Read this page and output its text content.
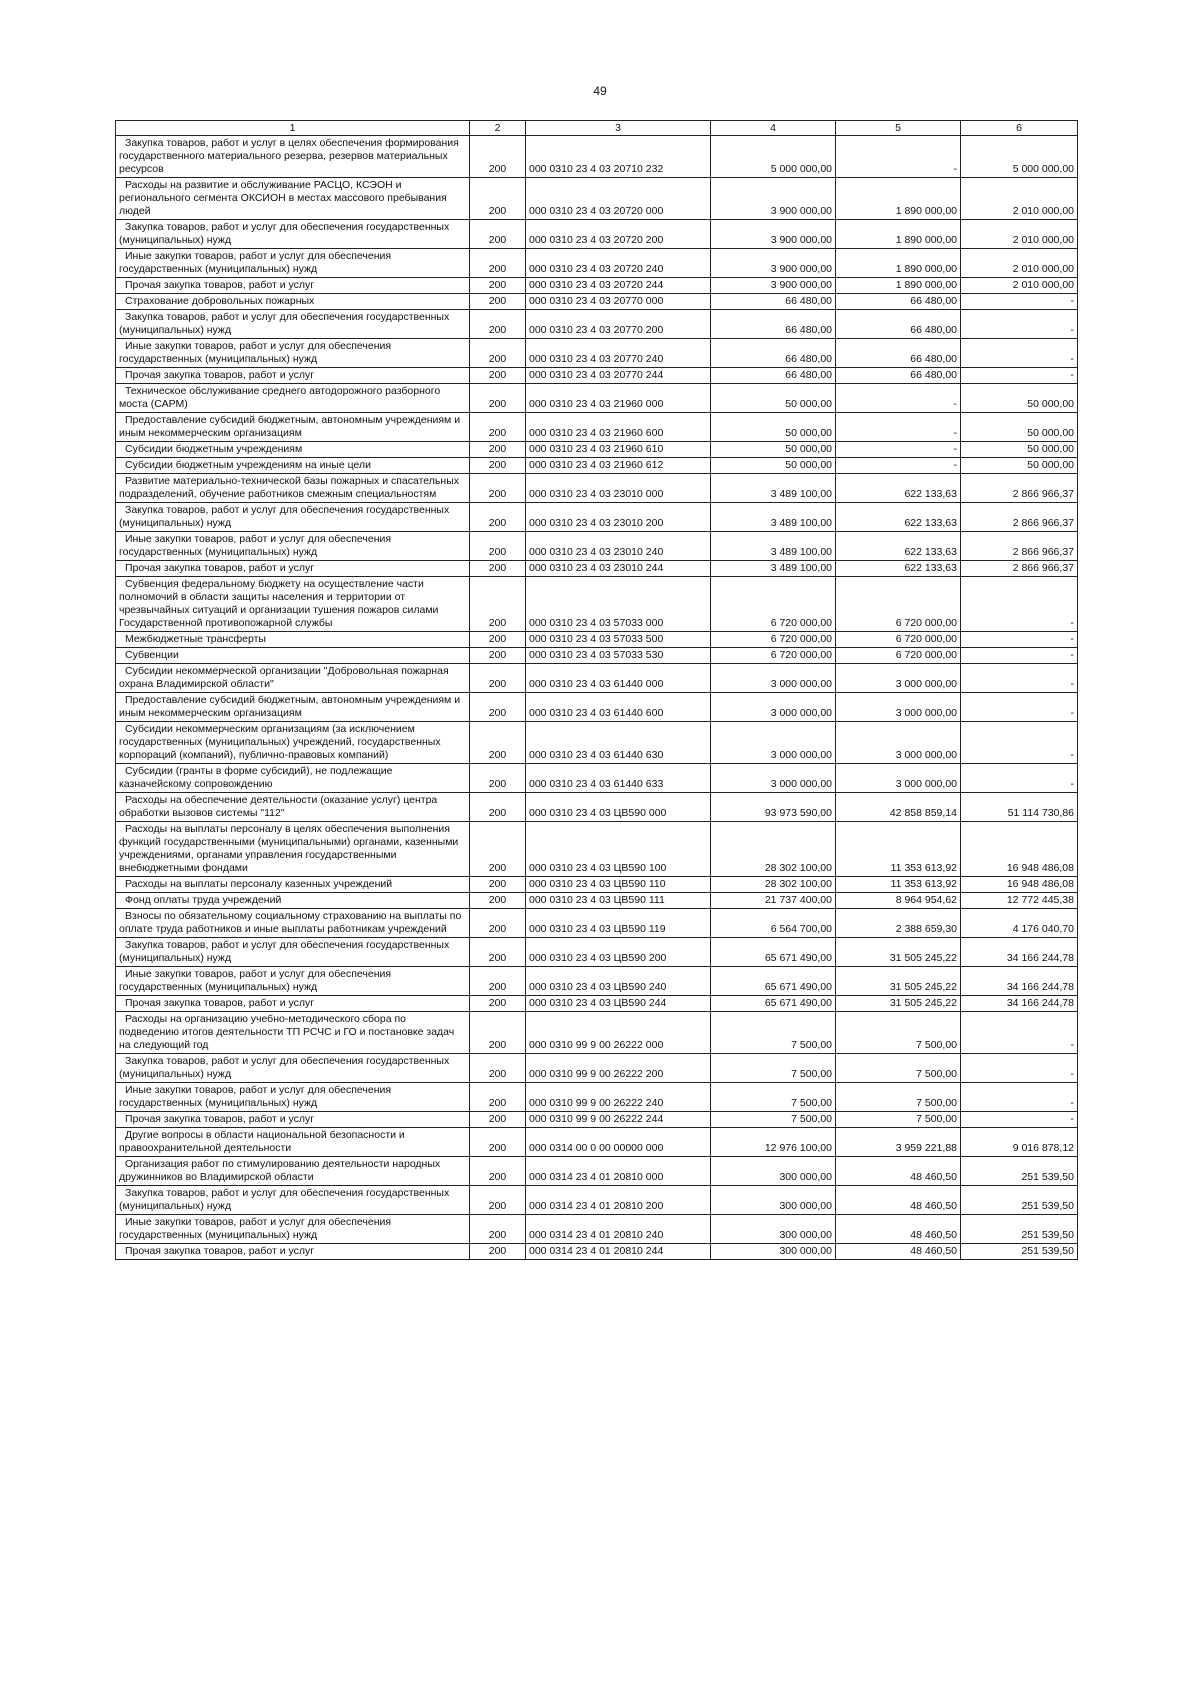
49
1	2	3	4	5	6
Закупка товаров, работ и услуг в целях обеспечения формирования государственного материального резерва, резервов материальных ресурсов	200	000 0310 23 4 03 20710 232	5 000 000,00	-	5 000 000,00
Расходы на развитие и обслуживание РАСЦО, КСЭОН и регионального сегмента ОКСИОН в местах массового пребывания людей	200	000 0310 23 4 03 20720 000	3 900 000,00	1 890 000,00	2 010 000,00
Закупка товаров, работ и услуг для обеспечения государственных (муниципальных) нужд	200	000 0310 23 4 03 20720 200	3 900 000,00	1 890 000,00	2 010 000,00
Иные закупки товаров, работ и услуг для обеспечения государственных (муниципальных) нужд	200	000 0310 23 4 03 20720 240	3 900 000,00	1 890 000,00	2 010 000,00
Прочая закупка товаров, работ и услуг	200	000 0310 23 4 03 20720 244	3 900 000,00	1 890 000,00	2 010 000,00
Страхование добровольных пожарных	200	000 0310 23 4 03 20770 000	66 480,00	66 480,00	-
Закупка товаров, работ и услуг для обеспечения государственных (муниципальных) нужд	200	000 0310 23 4 03 20770 200	66 480,00	66 480,00	-
Иные закупки товаров, работ и услуг для обеспечения государственных (муниципальных) нужд	200	000 0310 23 4 03 20770 240	66 480,00	66 480,00	-
Прочая закупка товаров, работ и услуг	200	000 0310 23 4 03 20770 244	66 480,00	66 480,00	-
Техническое обслуживание среднего автодорожного разборного моста (САРМ)	200	000 0310 23 4 03 21960 000	50 000,00	-	50 000,00
Предоставление субсидий бюджетным, автономным учреждениям и иным некоммерческим организациям	200	000 0310 23 4 03 21960 600	50 000,00	-	50 000,00
Субсидии бюджетным учреждениям	200	000 0310 23 4 03 21960 610	50 000,00	-	50 000,00
Субсидии бюджетным учреждениям на иные цели	200	000 0310 23 4 03 21960 612	50 000,00	-	50 000,00
Развитие материально-технической базы пожарных и спасательных подразделений, обучение работников смежным специальностям	200	000 0310 23 4 03 23010 000	3 489 100,00	622 133,63	2 866 966,37
Закупка товаров, работ и услуг для обеспечения государственных (муниципальных) нужд	200	000 0310 23 4 03 23010 200	3 489 100,00	622 133,63	2 866 966,37
Иные закупки товаров, работ и услуг для обеспечения государственных (муниципальных) нужд	200	000 0310 23 4 03 23010 240	3 489 100,00	622 133,63	2 866 966,37
Прочая закупка товаров, работ и услуг	200	000 0310 23 4 03 23010 244	3 489 100,00	622 133,63	2 866 966,37
Субвенция федеральному бюджету на осуществление части полномочий в области защиты населения и территории от чрезвычайных ситуаций и организации тушения пожаров силами Государственной противопожарной службы	200	000 0310 23 4 03 57033 000	6 720 000,00	6 720 000,00	-
Межбюджетные трансферты	200	000 0310 23 4 03 57033 500	6 720 000,00	6 720 000,00	-
Субвенции	200	000 0310 23 4 03 57033 530	6 720 000,00	6 720 000,00	-
Субсидии некоммерческой организации "Добровольная пожарная охрана Владимирской области"	200	000 0310 23 4 03 61440 000	3 000 000,00	3 000 000,00	-
Предоставление субсидий бюджетным, автономным учреждениям и иным некоммерческим организациям	200	000 0310 23 4 03 61440 600	3 000 000,00	3 000 000,00	-
Субсидии некоммерческим организациям (за исключением государственных (муниципальных) учреждений, государственных корпораций (компаний), публично-правовых компаний)	200	000 0310 23 4 03 61440 630	3 000 000,00	3 000 000,00	-
Субсидии (гранты в форме субсидий), не подлежащие казначейскому сопровождению	200	000 0310 23 4 03 61440 633	3 000 000,00	3 000 000,00	-
Расходы на обеспечение деятельности (оказание услуг) центра обработки вызовов системы "112"	200	000 0310 23 4 03 ЦВ590 000	93 973 590,00	42 858 859,14	51 114 730,86
Расходы на выплаты персоналу в целях обеспечения выполнения функций государственными (муниципальными) органами, казенными учреждениями, органами управления государственными внебюджетными фондами	200	000 0310 23 4 03 ЦВ590 100	28 302 100,00	11 353 613,92	16 948 486,08
Расходы на выплаты персоналу казенных учреждений	200	000 0310 23 4 03 ЦВ590 110	28 302 100,00	11 353 613,92	16 948 486,08
Фонд оплаты труда учреждений	200	000 0310 23 4 03 ЦВ590 111	21 737 400,00	8 964 954,62	12 772 445,38
Взносы по обязательному социальному страхованию на выплаты по оплате труда работников и иные выплаты работникам учреждений	200	000 0310 23 4 03 ЦВ590 119	6 564 700,00	2 388 659,30	4 176 040,70
Закупка товаров, работ и услуг для обеспечения государственных (муниципальных) нужд	200	000 0310 23 4 03 ЦВ590 200	65 671 490,00	31 505 245,22	34 166 244,78
Иные закупки товаров, работ и услуг для обеспечения государственных (муниципальных) нужд	200	000 0310 23 4 03 ЦВ590 240	65 671 490,00	31 505 245,22	34 166 244,78
Прочая закупка товаров, работ и услуг	200	000 0310 23 4 03 ЦВ590 244	65 671 490,00	31 505 245,22	34 166 244,78
Расходы на организацию учебно-методического сбора по подведению итогов деятельности ТП РСЧС и ГО и постановке задач на следующий год	200	000 0310 99 9 00 26222 000	7 500,00	7 500,00	-
Закупка товаров, работ и услуг для обеспечения государственных (муниципальных) нужд	200	000 0310 99 9 00 26222 200	7 500,00	7 500,00	-
Иные закупки товаров, работ и услуг для обеспечения государственных (муниципальных) нужд	200	000 0310 99 9 00 26222 240	7 500,00	7 500,00	-
Прочая закупка товаров, работ и услуг	200	000 0310 99 9 00 26222 244	7 500,00	7 500,00	-
Другие вопросы в области национальной безопасности и правоохранительной деятельности	200	000 0314 00 0 00 00000 000	12 976 100,00	3 959 221,88	9 016 878,12
Организация работ по стимулированию деятельности народных дружинников во Владимирской области	200	000 0314 23 4 01 20810 000	300 000,00	48 460,50	251 539,50
Закупка товаров, работ и услуг для обеспечения государственных (муниципальных) нужд	200	000 0314 23 4 01 20810 200	300 000,00	48 460,50	251 539,50
Иные закупки товаров, работ и услуг для обеспечения государственных (муниципальных) нужд	200	000 0314 23 4 01 20810 240	300 000,00	48 460,50	251 539,50
Прочая закупка товаров, работ и услуг	200	000 0314 23 4 01 20810 244	300 000,00	48 460,50	251 539,50
